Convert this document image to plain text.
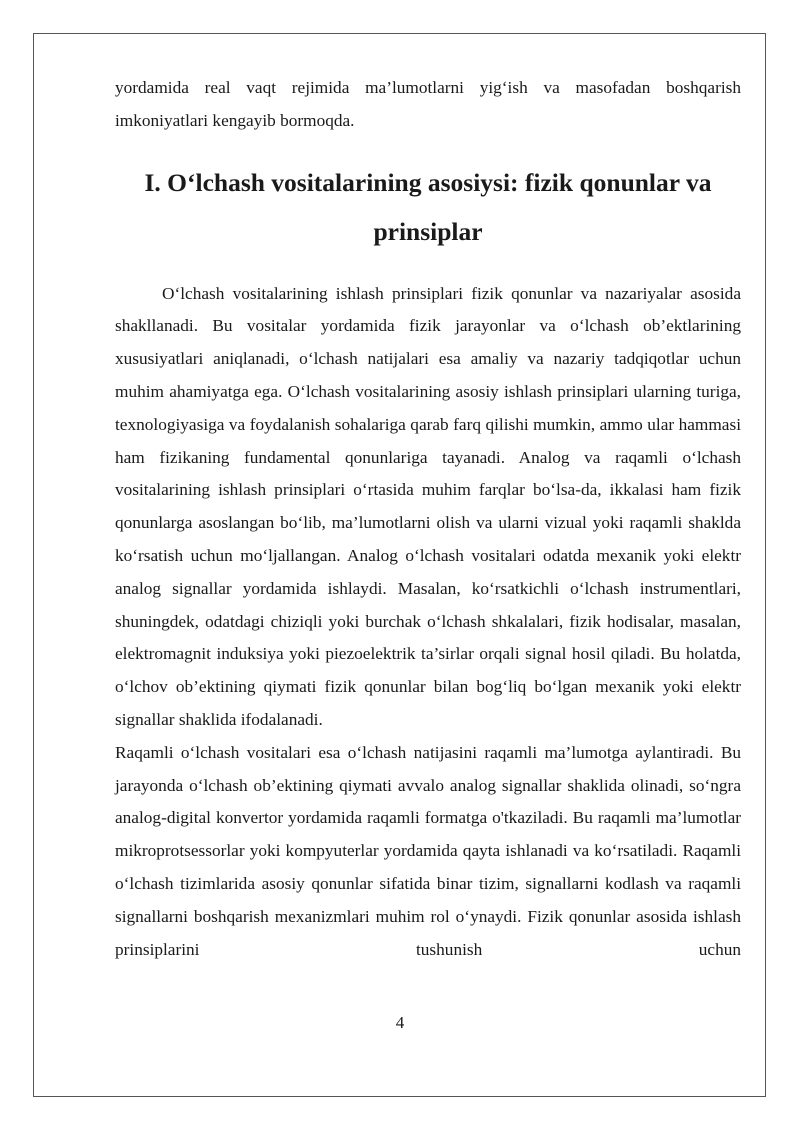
yordamida real vaqt rejimida ma’lumotlarni yig‘ish va masofadan boshqarish imkoniyatlari kengayib bormoqda.

I. O‘lchash vositalarining asosiysi: fizik qonunlar va
prinsiplar

O‘lchash vositalarining ishlash prinsiplari fizik qonunlar va nazariyalar asosida shakllanadi. Bu vositalar yordamida fizik jarayonlar va o‘lchash ob’ektlarining xususiyatlari aniqlanadi, o‘lchash natijalari esa amaliy va nazariy tadqiqotlar uchun muhim ahamiyatga ega. O‘lchash vositalarining asosiy ishlash prinsiplari ularning turiga, texnologiyasiga va foydalanish sohalariga qarab farq qilishi mumkin, ammo ular hammasi ham fizikaning fundamental qonunlariga tayanadi. Analog va raqamli o‘lchash vositalarining ishlash prinsiplari o‘rtasida muhim farqlar bo‘lsa-da, ikkalasi ham fizik qonunlarga asoslangan bo‘lib, ma’lumotlarni olish va ularni vizual yoki raqamli shaklda ko‘rsatish uchun mo‘ljallangan. Analog o‘lchash vositalari odatda mexanik yoki elektr analog signallar yordamida ishlaydi. Masalan, ko‘rsatkichli o‘lchash instrumentlari, shuningdek, odatdagi chiziqli yoki burchak o‘lchash shkalalari, fizik hodisalar, masalan, elektromagnit induksiya yoki piezoelektrik ta’sirlar orqali signal hosil qiladi. Bu holatda, o‘lchov ob’ektining qiymati fizik qonunlar bilan bog‘liq bo‘lgan mexanik yoki elektr signallar shaklida ifodalanadi.

Raqamli o‘lchash vositalari esa o‘lchash natijasini raqamli ma’lumotga aylantiradi. Bu jarayonda o‘lchash ob’ektining qiymati avvalo analog signallar shaklida olinadi, so‘ngra analog-digital konvertor yordamida raqamli formatga o'tkaziladi. Bu raqamli ma’lumotlar mikroprotsessorlar yoki kompyuterlar yordamida qayta ishlanadi va ko‘rsatiladi. Raqamli o‘lchash tizimlarida asosiy qonunlar sifatida binar tizim, signallarni kodlash va raqamli signallarni boshqarish mexanizmlari muhim rol o‘ynaydi. Fizik qonunlar asosida ishlash prinsiplarini tushunish uchun

4
